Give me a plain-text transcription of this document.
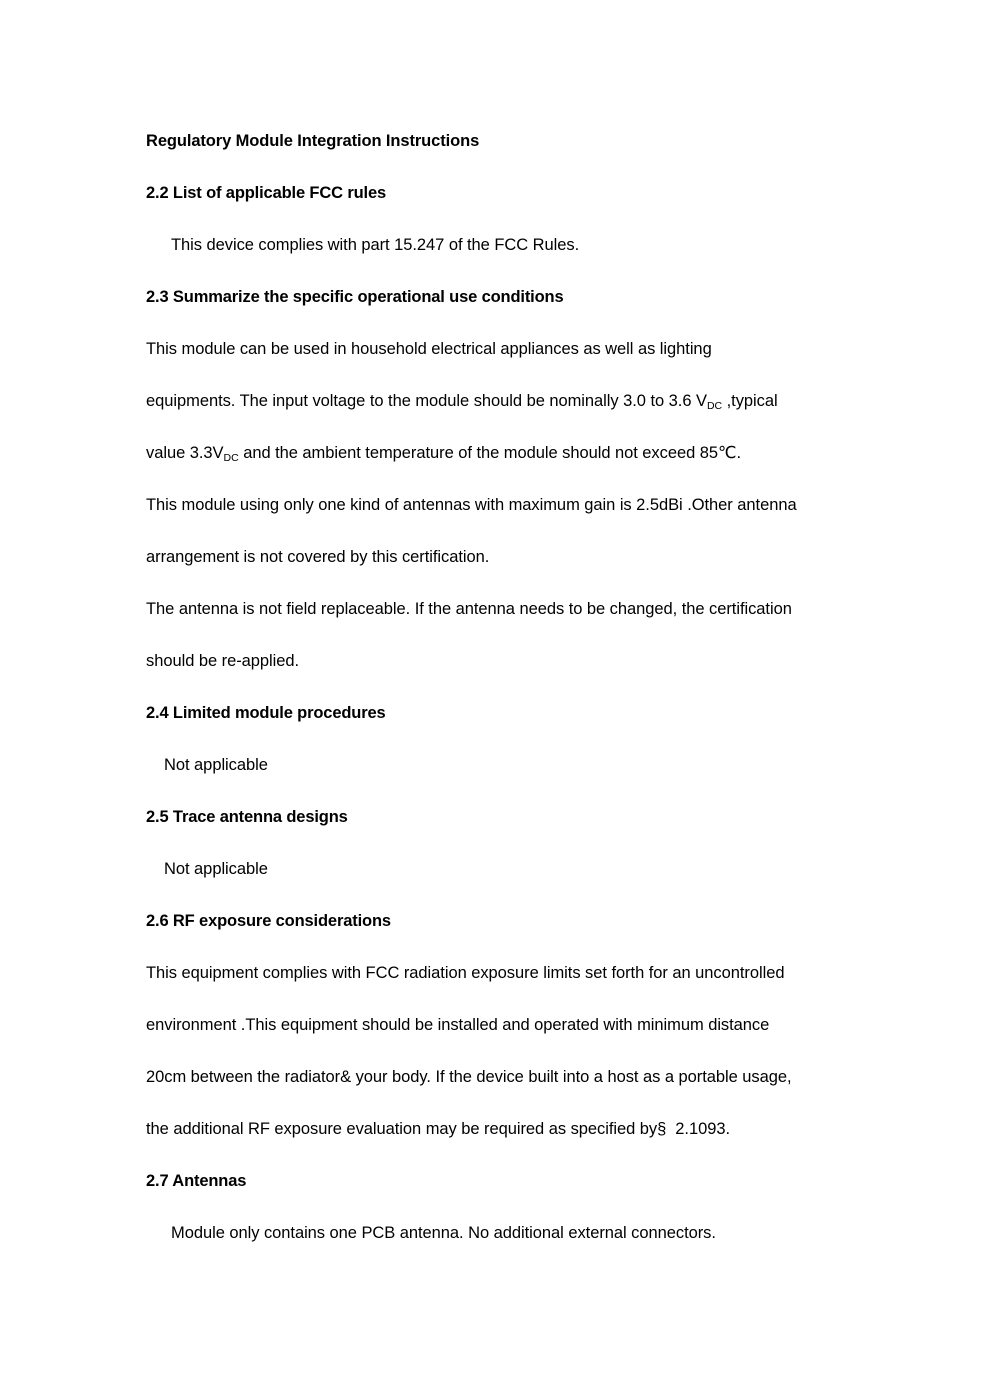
Regulatory Module Integration Instructions
2.2 List of applicable FCC rules
This device complies with part 15.247 of the FCC Rules.
2.3 Summarize the specific operational use conditions
This module can be used in household electrical appliances as well as lighting
equipments. The input voltage to the module should be nominally 3.0 to 3.6 $V_{DC}$ ,typical
value $3.3V_{DC}$ and the ambient temperature of the module should not exceed 85℃.
This module using only one kind of antennas with maximum gain is 2.5dBi .Other antenna
arrangement is not covered by this certification.
The antenna is not field replaceable. If the antenna needs to be changed, the certification
should be re-applied.
2.4 Limited module procedures
Not applicable
2.5 Trace antenna designs
Not applicable
2.6 RF exposure considerations
This equipment complies with FCC radiation exposure limits set forth for an uncontrolled
environment .This equipment should be installed and operated with minimum distance
20cm between the radiator& your body. If the device built into a host as a portable usage,
the additional RF exposure evaluation may be required as specified by§  2.1093.
2.7 Antennas
Module only contains one PCB antenna. No additional external connectors.
